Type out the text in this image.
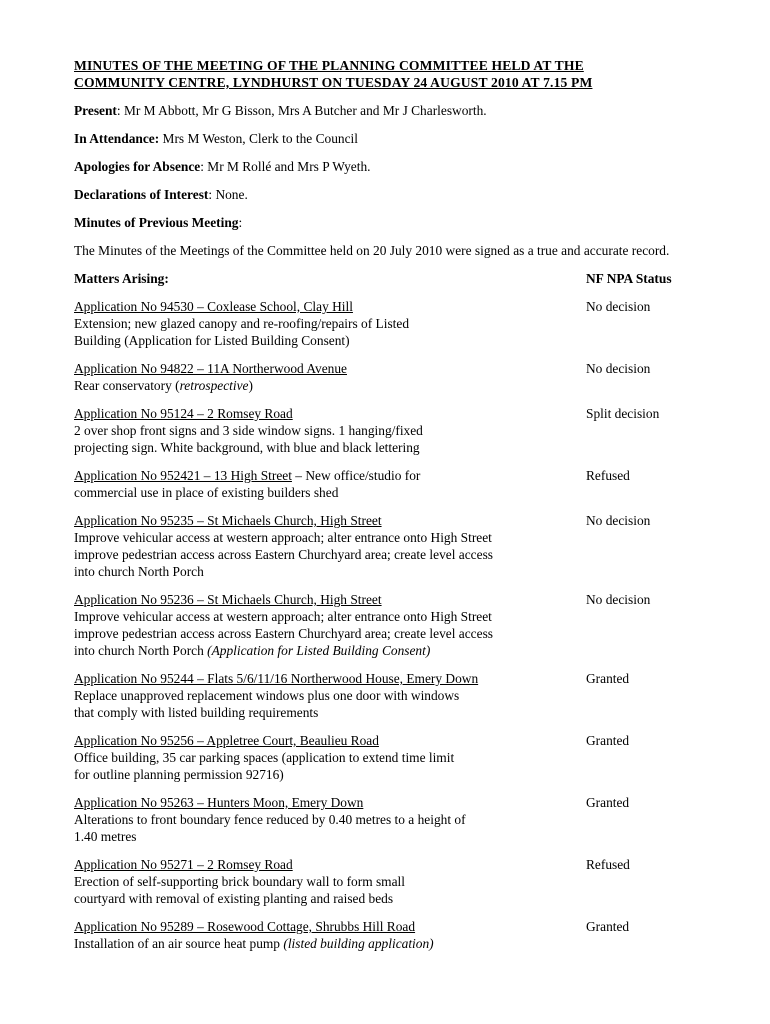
MINUTES OF THE MEETING OF THE PLANNING COMMITTEE HELD AT THE
COMMUNITY CENTRE, LYNDHURST ON TUESDAY 24 AUGUST 2010 AT 7.15 PM

Present: Mr M Abbott, Mr G Bisson, Mrs A Butcher and Mr J Charlesworth.

In Attendance: Mrs M Weston, Clerk to the Council

Apologies for Absence: Mr M Rollé and Mrs P Wyeth.

Declarations of Interest: None.

Minutes of Previous Meeting:

The Minutes of the Meetings of the Committee held on 20 July 2010 were signed as a true and accurate record.

Matters Arising:	NF NPA Status
Application No 94530 – Coxlease School, Clay Hill
Extension; new glazed canopy and re-roofing/repairs of Listed
Building (Application for Listed Building Consent)
No decision
Application No 94822 – 11A Northerwood Avenue
Rear conservatory (retrospective)
No decision
Application No 95124 – 2 Romsey Road
2 over shop front signs and 3 side window signs. 1 hanging/fixed
projecting sign. White background, with blue and black lettering
Split decision
Application No 952421 – 13 High Street – New office/studio for
commercial use in place of existing builders shed
Refused
Application No 95235 – St Michaels Church, High Street
Improve vehicular access at western approach; alter entrance onto High Street
improve pedestrian access across Eastern Churchyard area; create level access
into church North Porch
No decision
Application No 95236 – St Michaels Church, High Street
Improve vehicular access at western approach; alter entrance onto High Street
improve pedestrian access across Eastern Churchyard area; create level access
into church North Porch (Application for Listed Building Consent)
No decision
Application No 95244 – Flats 5/6/11/16 Northerwood House, Emery Down
Replace unapproved replacement windows plus one door with windows
that comply with listed building requirements
Granted
Application No 95256 – Appletree Court, Beaulieu Road
Office building, 35 car parking spaces (application to extend time limit
for outline planning permission 92716)
Granted
Application No 95263 – Hunters Moon, Emery Down
Alterations to front boundary fence reduced by 0.40 metres to a height of
1.40 metres
Granted
Application No 95271 – 2 Romsey Road
Erection of self-supporting brick boundary wall to form small
courtyard with removal of existing planting and raised beds
Refused
Application No 95289 – Rosewood Cottage, Shrubbs Hill Road
Installation of an air source heat pump (listed building application)
Granted
